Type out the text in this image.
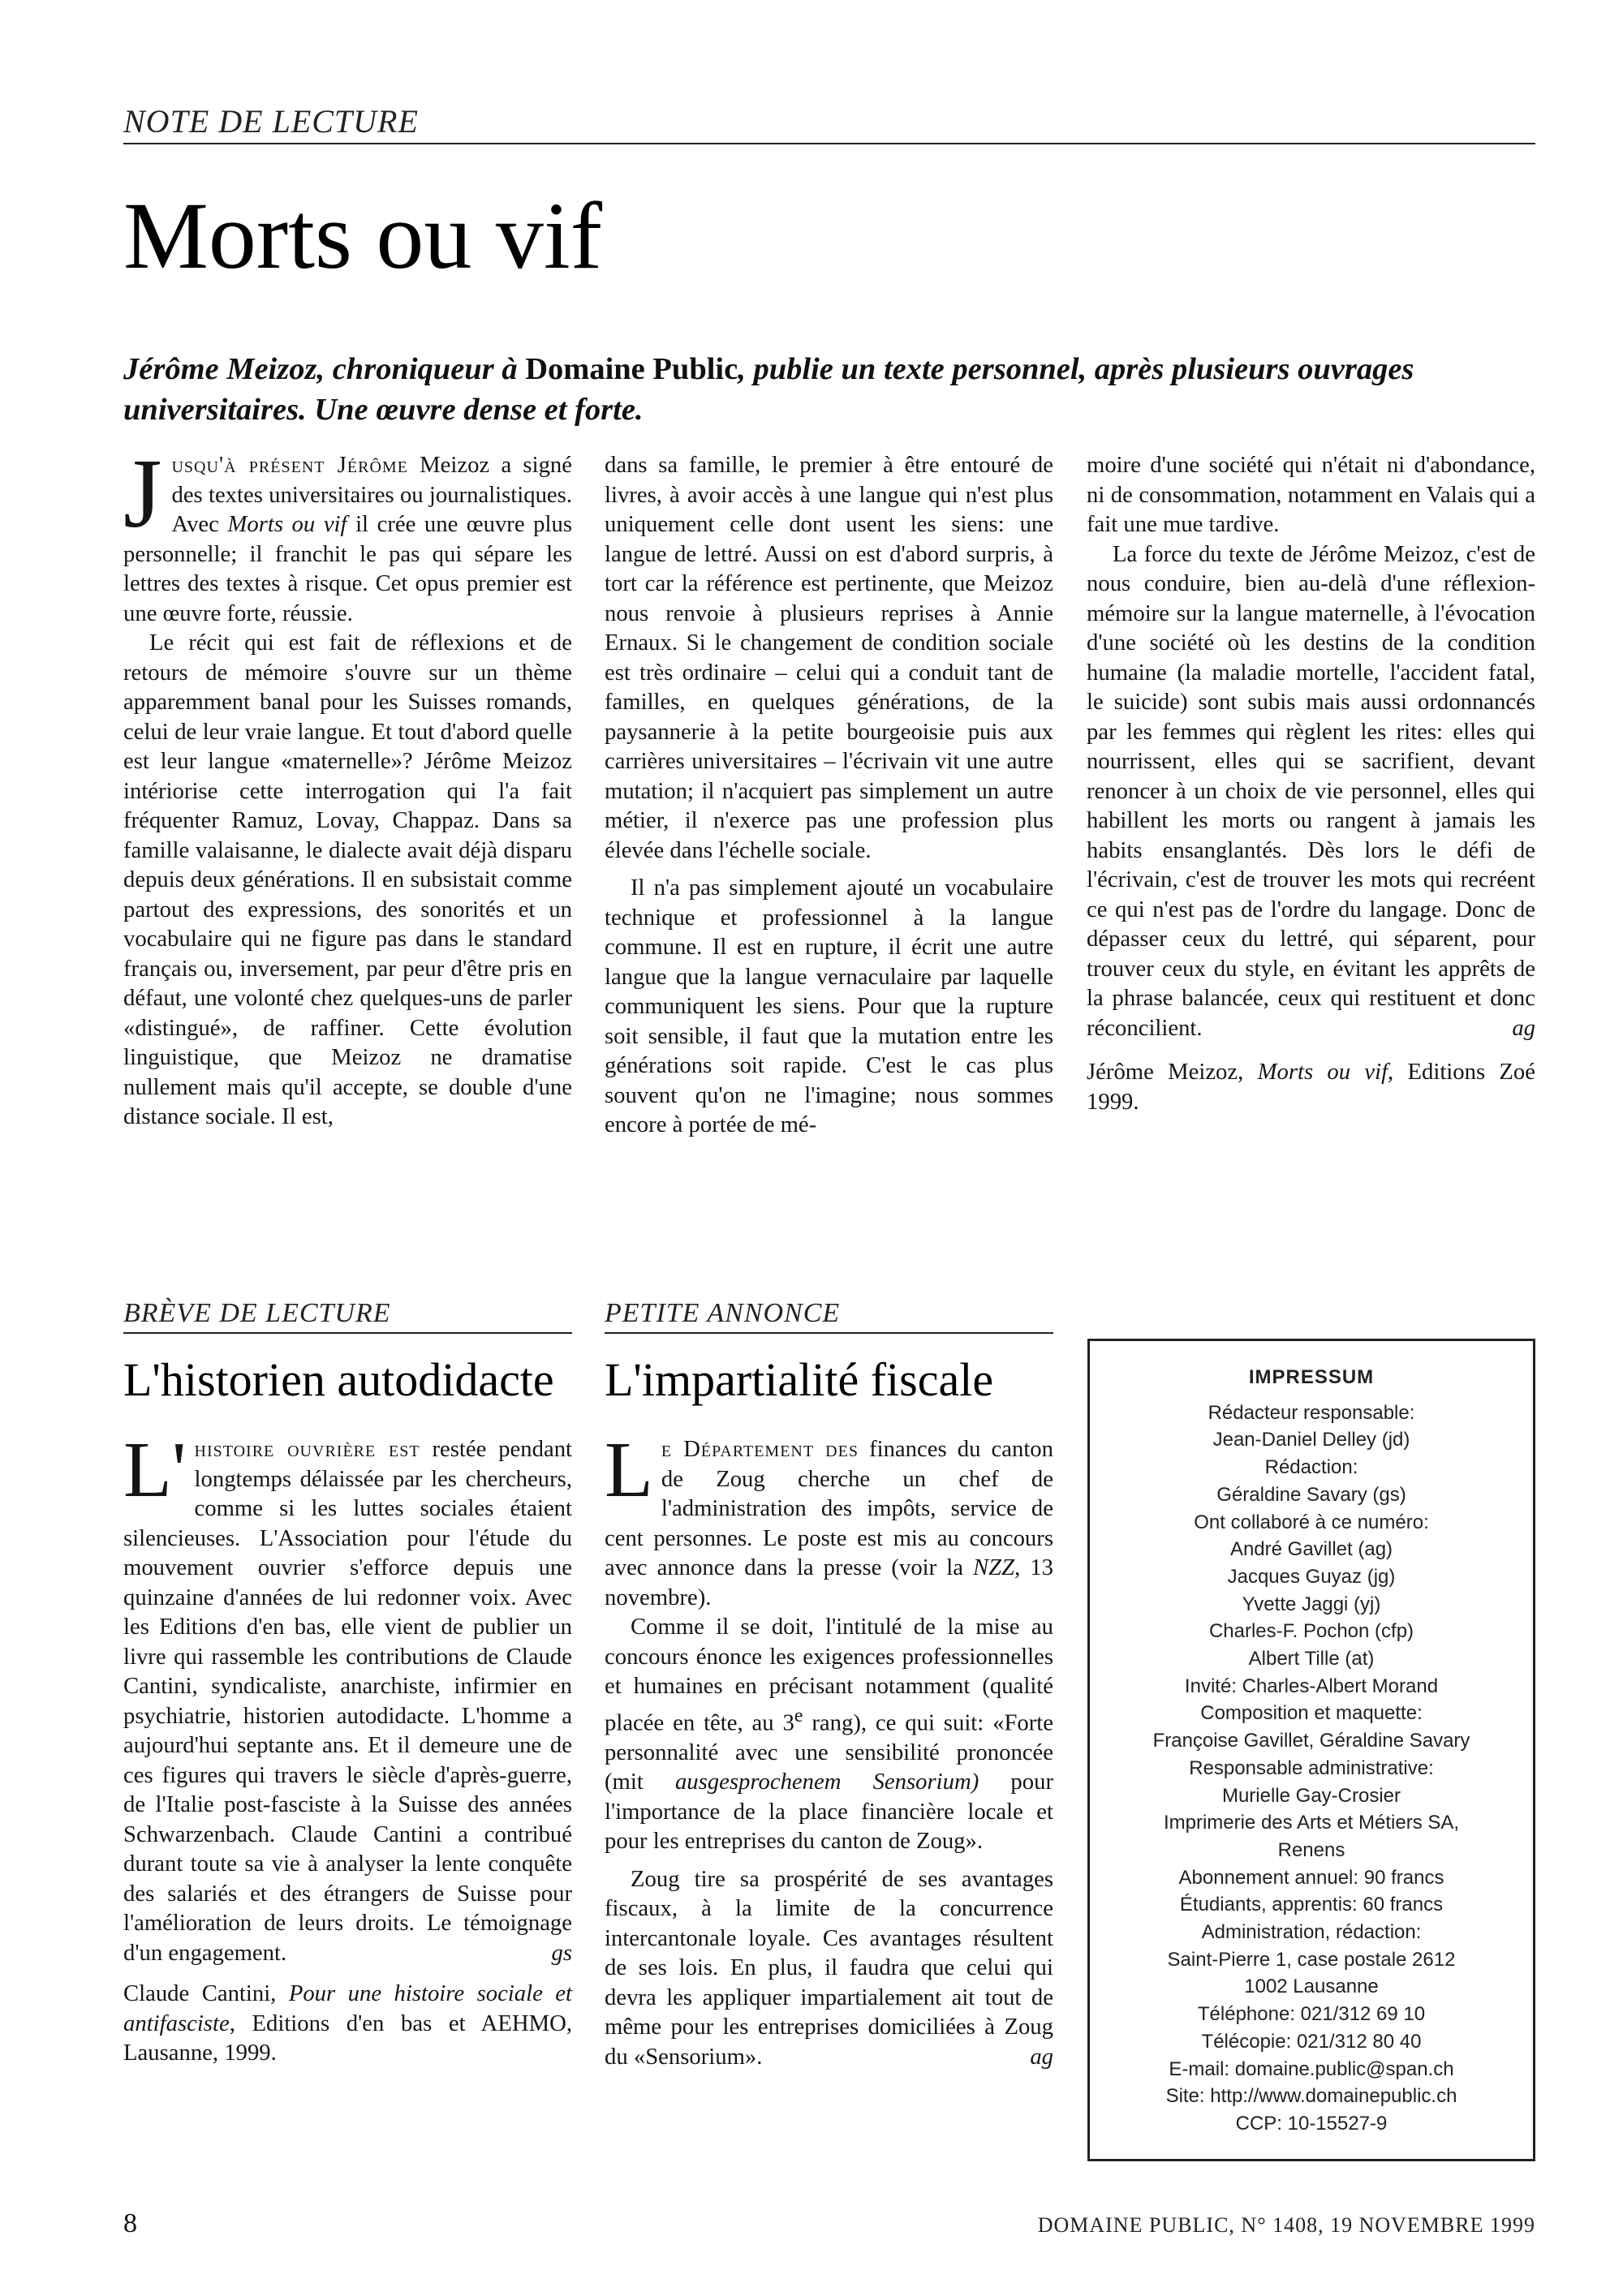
NOTE DE LECTURE
Morts ou vif
Jérôme Meizoz, chroniqueur à Domaine Public, publie un texte personnel, après plusieurs ouvrages universitaires. Une œuvre dense et forte.

Jusqu'à présent Jérôme Meizoz a signé des textes universitaires ou journalistiques. Avec Morts ou vif il crée une œuvre plus personnelle; il franchit le pas qui sépare les lettres des textes à risque. Cet opus premier est une œuvre forte, réussie.

Le récit qui est fait de réflexions et de retours de mémoire s'ouvre sur un thème apparemment banal pour les Suisses romands, celui de leur vraie langue. Et tout d'abord quelle est leur langue «maternelle»? Jérôme Meizoz intériorise cette interrogation qui l'a fait fréquenter Ramuz, Lovay, Chappaz. Dans sa famille valaisanne, le dialecte avait déjà disparu depuis deux générations. Il en subsistait comme partout des expressions, des sonorités et un vocabulaire qui ne figure pas dans le standard français ou, inversement, par peur d'être pris en défaut, une volonté chez quelques-uns de parler «distingué», de raffiner. Cette évolution linguistique, que Meizoz ne dramatise nullement mais qu'il accepte, se double d'une distance sociale. Il est,

dans sa famille, le premier à être entouré de livres, à avoir accès à une langue qui n'est plus uniquement celle dont usent les siens: une langue de lettré. Aussi on est d'abord surpris, à tort car la référence est pertinente, que Meizoz nous renvoie à plusieurs reprises à Annie Ernaux. Si le changement de condition sociale est très ordinaire – celui qui a conduit tant de familles, en quelques générations, de la paysannerie à la petite bourgeoisie puis aux carrières universitaires – l'écrivain vit une autre mutation; il n'acquiert pas simplement un autre métier, il n'exerce pas une profession plus élevée dans l'échelle sociale.

Il n'a pas simplement ajouté un vocabulaire technique et professionnel à la langue commune. Il est en rupture, il écrit une autre langue que la langue vernaculaire par laquelle communiquent les siens. Pour que la rupture soit sensible, il faut que la mutation entre les générations soit rapide. C'est le cas plus souvent qu'on ne l'imagine; nous sommes encore à portée de mé-

moire d'une société qui n'était ni d'abondance, ni de consommation, notamment en Valais qui a fait une mue tardive.

La force du texte de Jérôme Meizoz, c'est de nous conduire, bien au-delà d'une réflexion-mémoire sur la langue maternelle, à l'évocation d'une société où les destins de la condition humaine (la maladie mortelle, l'accident fatal, le suicide) sont subis mais aussi ordonnancés par les femmes qui règlent les rites: elles qui nourrissent, elles qui se sacrifient, devant renoncer à un choix de vie personnel, elles qui habillent les morts ou rangent à jamais les habits ensanglantés. Dès lors le défi de l'écrivain, c'est de trouver les mots qui recréent ce qui n'est pas de l'ordre du langage. Donc de dépasser ceux du lettré, qui séparent, pour trouver ceux du style, en évitant les apprêts de la phrase balancée, ceux qui restituent et donc réconcilient.	ag

Jérôme Meizoz, Morts ou vif, Editions Zoé 1999.

BRÈVE DE LECTURE
L'historien autodidacte

L' histoire ouvrière est restée pendant longtemps délaissée par les chercheurs, comme si les luttes sociales étaient silencieuses. L'Association pour l'étude du mouvement ouvrier s'efforce depuis une quinzaine d'années de lui redonner voix. Avec les Editions d'en bas, elle vient de publier un livre qui rassemble les contributions de Claude Cantini, syndicaliste, anarchiste, infirmier en psychiatrie, historien autodidacte. L'homme a aujourd'hui septante ans. Et il demeure une de ces figures qui travers le siècle d'après-guerre, de l'Italie post-fasciste à la Suisse des années Schwarzenbach. Claude Cantini a contribué durant toute sa vie à analyser la lente conquête des salariés et des étrangers de Suisse pour l'amélioration de leurs droits. Le témoignage d'un engagement.	gs

Claude Cantini, Pour une histoire sociale et antifasciste, Editions d'en bas et AEHMO, Lausanne, 1999.

PETITE ANNONCE
L'impartialité fiscale

Le Département des finances du canton de Zoug cherche un chef de l'administration des impôts, service de cent personnes. Le poste est mis au concours avec annonce dans la presse (voir la NZZ, 13 novembre).

Comme il se doit, l'intitulé de la mise au concours énonce les exigences professionnelles et humaines en précisant notamment (qualité placée en tête, au 3e rang), ce qui suit: «Forte personnalité avec une sensibilité prononcée (mit ausgesprochenem Sensorium) pour l'importance de la place financière locale et pour les entreprises du canton de Zoug».

Zoug tire sa prospérité de ses avantages fiscaux, à la limite de la concurrence intercantonale loyale. Ces avantages résultent de ses lois. En plus, il faudra que celui qui devra les appliquer impartialement ait tout de même pour les entreprises domiciliées à Zoug du «Sensorium».	ag

IMPRESSUM
Rédacteur responsable:
Jean-Daniel Delley (jd)
Rédaction:
Géraldine Savary (gs)
Ont collaboré à ce numéro:
André Gavillet (ag)
Jacques Guyaz (jg)
Yvette Jaggi (yj)
Charles-F. Pochon (cfp)
Albert Tille (at)
Invité: Charles-Albert Morand
Composition et maquette:
Françoise Gavillet, Géraldine Savary
Responsable administrative:
Murielle Gay-Crosier
Imprimerie des Arts et Métiers SA,
Renens
Abonnement annuel: 90 francs
Étudiants, apprentis: 60 francs
Administration, rédaction:
Saint-Pierre 1, case postale 2612
1002 Lausanne
Téléphone: 021/312 69 10
Télécopie: 021/312 80 40
E-mail: domaine.public@span.ch
Site: http://www.domainepublic.ch
CCP: 10-15527-9
8	DOMAINE PUBLIC, N° 1408, 19 NOVEMBRE 1999
